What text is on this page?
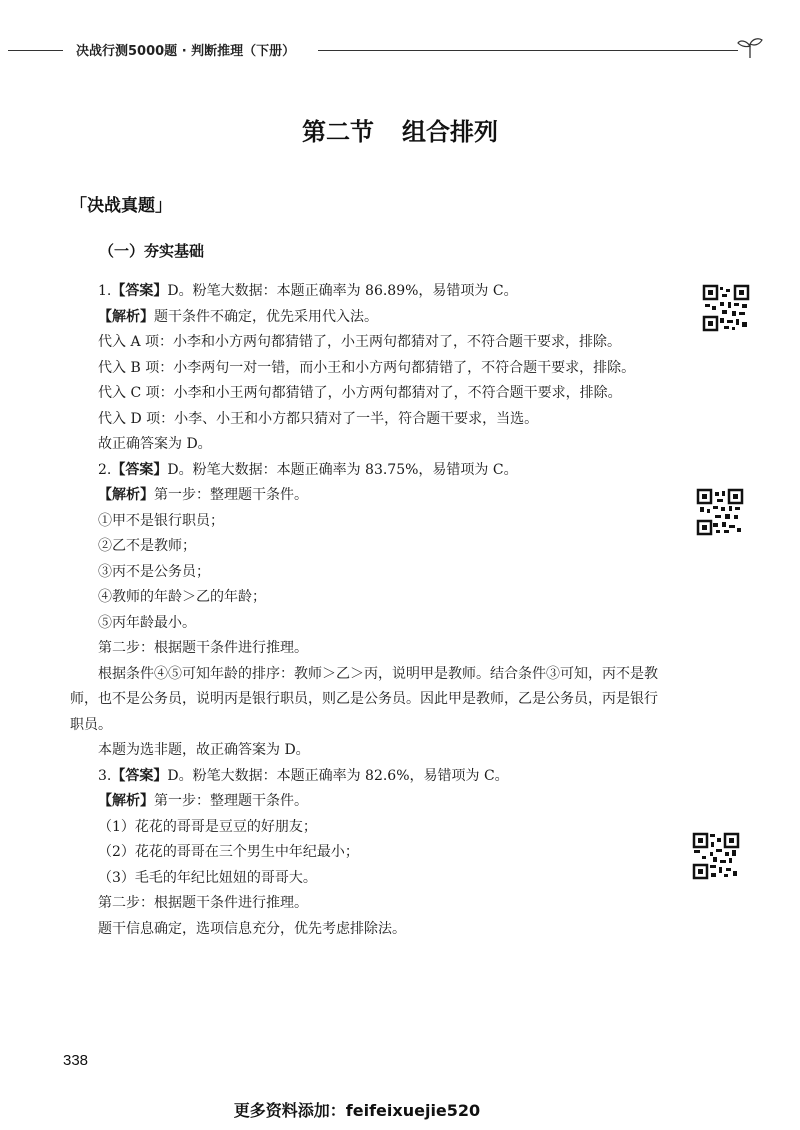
决战行测5000题 · 判断推理（下册）
第二节 组合排列
「决战真题」
（一）夯实基础

1.【答案】D。粉笔大数据：本题正确率为 86.89%，易错项为 C。

【解析】题干条件不确定，优先采用代入法。

代入 A 项：小李和小方两句都猜错了，小王两句都猜对了，不符合题干要求，排除。

代入 B 项：小李两句一对一错，而小王和小方两句都猜错了，不符合题干要求，排除。

代入 C 项：小李和小王两句都猜错了，小方两句都猜对了，不符合题干要求，排除。

代入 D 项：小李、小王和小方都只猜对了一半，符合题干要求，当选。

故正确答案为 D。

2.【答案】D。粉笔大数据：本题正确率为 83.75%，易错项为 C。

【解析】第一步：整理题干条件。

①甲不是银行职员；

②乙不是教师；

③丙不是公务员；

④教师的年龄＞乙的年龄；

⑤丙年龄最小。

第二步：根据题干条件进行推理。

根据条件④⑤可知年龄的排序：教师＞乙＞丙，说明甲是教师。结合条件③可知，丙不是教师，也不是公务员，说明丙是银行职员，则乙是公务员。因此甲是教师，乙是公务员，丙是银行职员。

本题为选非题，故正确答案为 D。

3.【答案】D。粉笔大数据：本题正确率为 82.6%，易错项为 C。

【解析】第一步：整理题干条件。

（1）花花的哥哥是豆豆的好朋友；

（2）花花的哥哥在三个男生中年纪最小；

（3）毛毛的年纪比妞妞的哥哥大。

第二步：根据题干条件进行推理。

题干信息确定，选项信息充分，优先考虑排除法。

338
更多资料添加：feifeixuejie520
